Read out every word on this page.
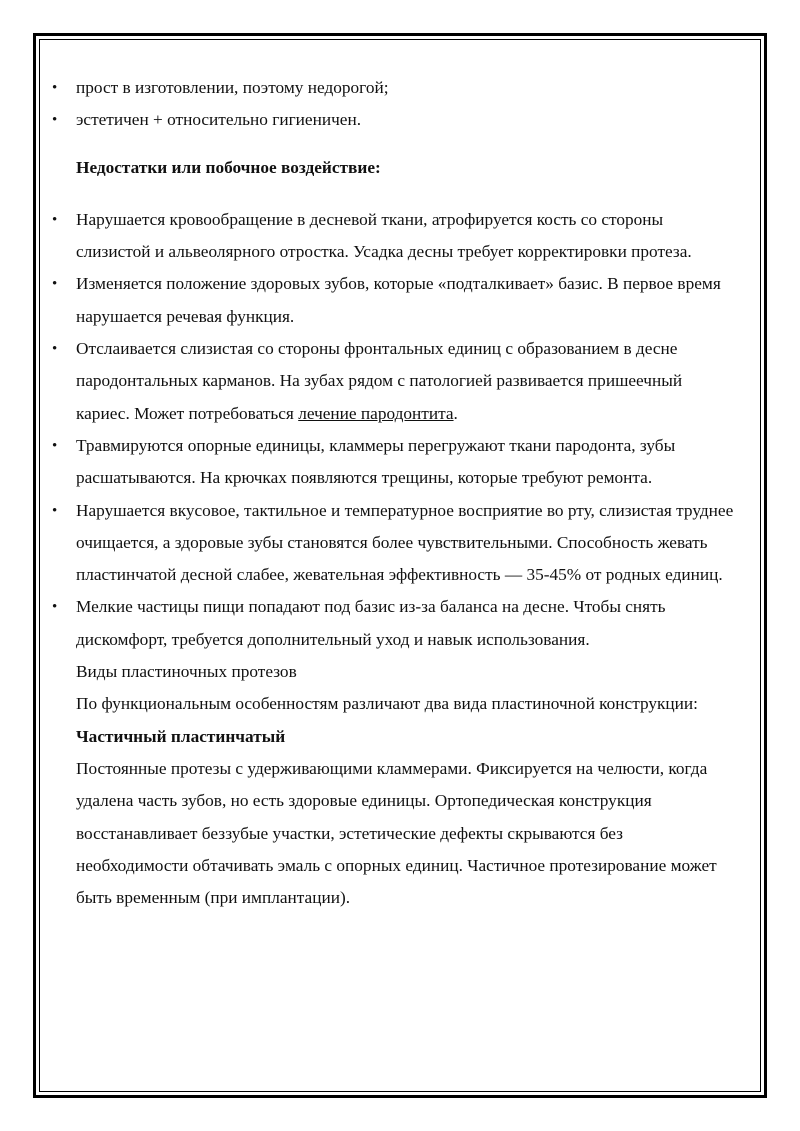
• прост в изготовлении, поэтому недорогой;
• эстетичен + относительно гигиеничен.
Недостатки или побочное воздействие:
• Нарушается кровообращение в десневой ткани, атрофируется кость со стороны слизистой и альвеолярного отростка. Усадка десны требует корректировки протеза.
• Изменяется положение здоровых зубов, которые «подталкивает» базис. В первое время нарушается речевая функция.
• Отслаивается слизистая со стороны фронтальных единиц с образованием в десне пародонтальных карманов. На зубах рядом с патологией развивается пришеечный кариес. Может потребоваться лечение пародонтита.
• Травмируются опорные единицы, кламмеры перегружают ткани пародонта, зубы расшатываются. На крючках появляются трещины, которые требуют ремонта.
• Нарушается вкусовое, тактильное и температурное восприятие во рту, слизистая труднее очищается, а здоровые зубы становятся более чувствительными. Способность жевать пластинчатой десной слабее, жевательная эффективность — 35-45% от родных единиц.
• Мелкие частицы пищи попадают под базис из-за баланса на десне. Чтобы снять дискомфорт, требуется дополнительный уход и навык использования.
Виды пластиночных протезов
По функциональным особенностям различают два вида пластиночной конструкции:
Частичный пластинчатый
Постоянные протезы с удерживающими кламмерами. Фиксируется на челюсти, когда удалена часть зубов, но есть здоровые единицы. Ортопедическая конструкция восстанавливает беззубые участки, эстетические дефекты скрываются без необходимости обтачивать эмаль с опорных единиц. Частичное протезирование может быть временным (при имплантации).
